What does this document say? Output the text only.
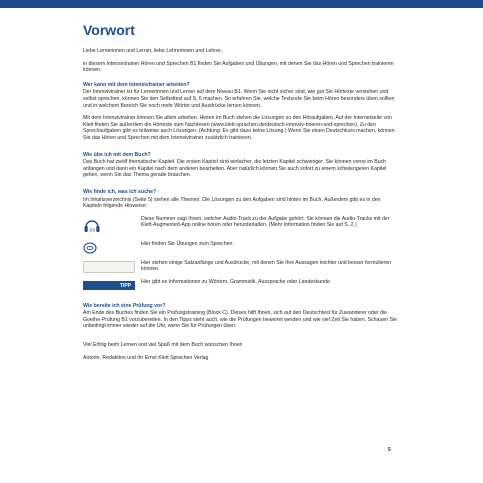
Vorwort

Liebe Lernerinnen und Lerner, liebe Lehrerinnen und Lehrer,

in diesem Intensivtrainer Hören und Sprechen B1 finden Sie Aufgaben und Übungen, mit denen Sie das Hören und Sprechen trainieren können.

Wer kann mit dem Intensivtrainer arbeiten?

Der Intensivtrainer ist für Lernerinnen und Lerner auf dem Niveau B1. Wenn Sie nicht sicher sind, wie gut Sie Hörtexte verstehen und selbst sprechen, können Sie den Selbsttest auf S. 6 machen. So erfahren Sie, welche Textsorte Sie beim Hören besonders üben sollten und in welchem Bereich Sie noch mehr Wörter und Ausdrücke lernen können.

Mit dem Intensivtrainer können Sie allein arbeiten. Hinten im Buch stehen die Lösungen zu den Höraufgaben. Auf der Internetseite von Klett finden Sie außerdem die Hörtexte zum Nachlesen (www.klett-sprachen.de/deutsch-intensiv-hoeren-und-sprechen). Zu den Sprechaufgaben gibt es teilweise auch Lösungen. (Achtung: Es gibt dazu keine Lösung.) Wenn Sie einen Deutschkurs machen, können Sie das Hören und Sprechen mit dem Intensivtrainer zusätzlich trainieren.

Wie übe ich mit dem Buch?

Das Buch hat zwölf thematische Kapitel. Die ersten Kapitel sind einfacher, die letzten Kapitel schwieriger. Sie können vorne im Buch anfangen und dann ein Kapitel nach dem anderen bearbeiten. Aber natürlich können Sie auch sofort zu einem schwierigeren Kapitel gehen, wenn Sie das Thema gerade brauchen.

Wie finde ich, was ich suche?

Im Inhaltsverzeichnis (Seite 5) stehen alle Themen. Die Lösungen zu den Aufgaben sind hinten im Buch. Außerdem gibt es in den Kapiteln folgende Hinweise:

3/6
Diese Nummer sagt Ihnen, welcher Audio-Track zu der Aufgabe gehört. Sie können die Audio-Tracks mit der Klett-Augmented-App online hören oder herunterladen. (Mehr Information finden Sie auf S. 2.)
Hier finden Sie Übungen zum Sprechen.
Hier stehen einige Satzanfänge und Ausdrücke, mit denen Sie Ihre Aussagen leichter und besser formulieren können.
TIPP
Hier gibt es Informationen zu Wörtern, Grammatik, Aussprache oder Landeskunde.
Wie bereite ich eine Prüfung vor?

Am Ende des Buches finden Sie ein Prüfungstraining (Block C). Dieses hilft Ihnen, sich auf den Deutschtest für Zuwanderer oder die Goethe-Prüfung B1 vorzubereiten. In den Tipps steht auch, wie die Prüfungen bewertet werden und wie viel Zeit Sie haben. Schauen Sie unbedingt immer wieder auf die Uhr, wenn Sie für Prüfungen üben.

Viel Erfolg beim Lernen und viel Spaß mit dem Buch wünschen Ihnen

Autorin, Redaktion und Ihr Ernst Klett Sprachen Verlag

5
